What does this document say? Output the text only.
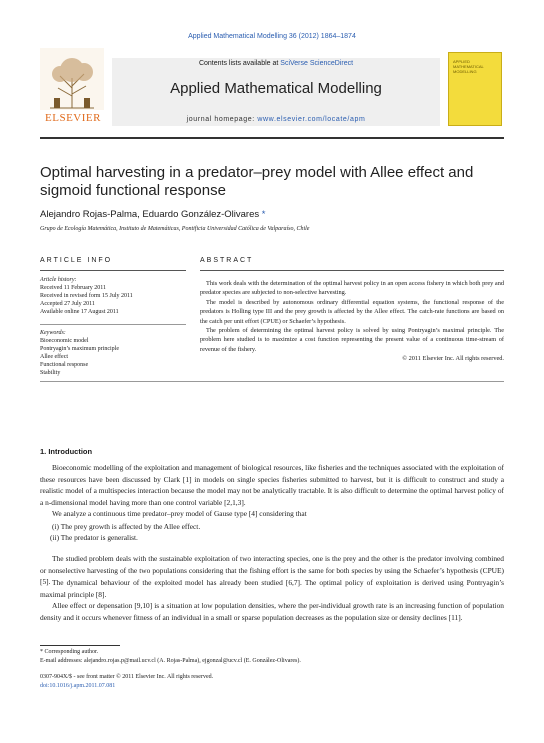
Applied Mathematical Modelling 36 (2012) 1864–1874
ELSEVIER
Contents lists available at SciVerse ScienceDirect
Applied Mathematical Modelling
journal homepage: www.elsevier.com/locate/apm
APPLIED MATHEMATICAL MODELLING
Optimal harvesting in a predator–prey model with Allee effect and sigmoid functional response
Alejandro Rojas-Palma, Eduardo González-Olivares *
Grupo de Ecología Matemática, Instituto de Matemáticas, Pontificia Universidad Católica de Valparaíso, Chile
ARTICLE INFO
Article history:
Received 11 February 2011
Received in revised form 15 July 2011
Accepted 27 July 2011
Available online 17 August 2011
Keywords:
Bioeconomic model
Pontryagin’s maximum principle
Allee effect
Functional response
Stability
ABSTRACT

This work deals with the determination of the optimal harvest policy in an open access fishery in which both prey and predator species are subjected to non-selective harvesting.

The model is described by autonomous ordinary differential equation systems, the functional response of the predators is Holling type III and the prey growth is affected by the Allee effect. The catch-rate functions are based on the catch per unit effort (CPUE) or Schaefer’s hypothesis.

The problem of determining the optimal harvest policy is solved by using Pontryagin’s maximal principle. The problem here studied is to maximize a cost function representing the present value of a continuous time-stream of revenue of the fishery.

© 2011 Elsevier Inc. All rights reserved.
1. Introduction
Bioeconomic modelling of the exploitation and management of biological resources, like fisheries and the techniques associated with the exploitation of these resources have been discussed by Clark [1] in models on single species fisheries submitted to harvest, but it is difficult to construct and study a realistic model of a multispecies interaction because the model may not be analytically tractable. It is also difficult to determine the optimal harvest policy of a n-dimensional model having more than one control variable [2,1,3].
We analyze a continuous time predator–prey model of Gause type [4] considering that
(i) The prey growth is affected by the Allee effect.
(ii) The predator is generalist.
The studied problem deals with the sustainable exploitation of two interacting species, one is the prey and the other is the predator involving combined or nonselective harvesting of the two populations considering that the fishing effort is the same for both species by using the Schaefer’s hypothesis (CPUE) [5]. The dynamical behaviour of the exploited model has already been studied [6,7]. The optimal policy of exploitation is derived using Pontryagin’s maximal principle [8].
Allee effect or depensation [9,10] is a situation at low population densities, where the per-individual growth rate is an increasing function of population density and it occurs whenever fitness of an individual in a small or sparse population decreases as the population size or density declines [11].
* Corresponding author.
E-mail addresses: alejandro.rojas.p@mail.ucv.cl (A. Rojas-Palma), ejgonzal@ucv.cl (E. González-Olivares).
0307-904X/$ - see front matter © 2011 Elsevier Inc. All rights reserved.
doi:10.1016/j.apm.2011.07.081
